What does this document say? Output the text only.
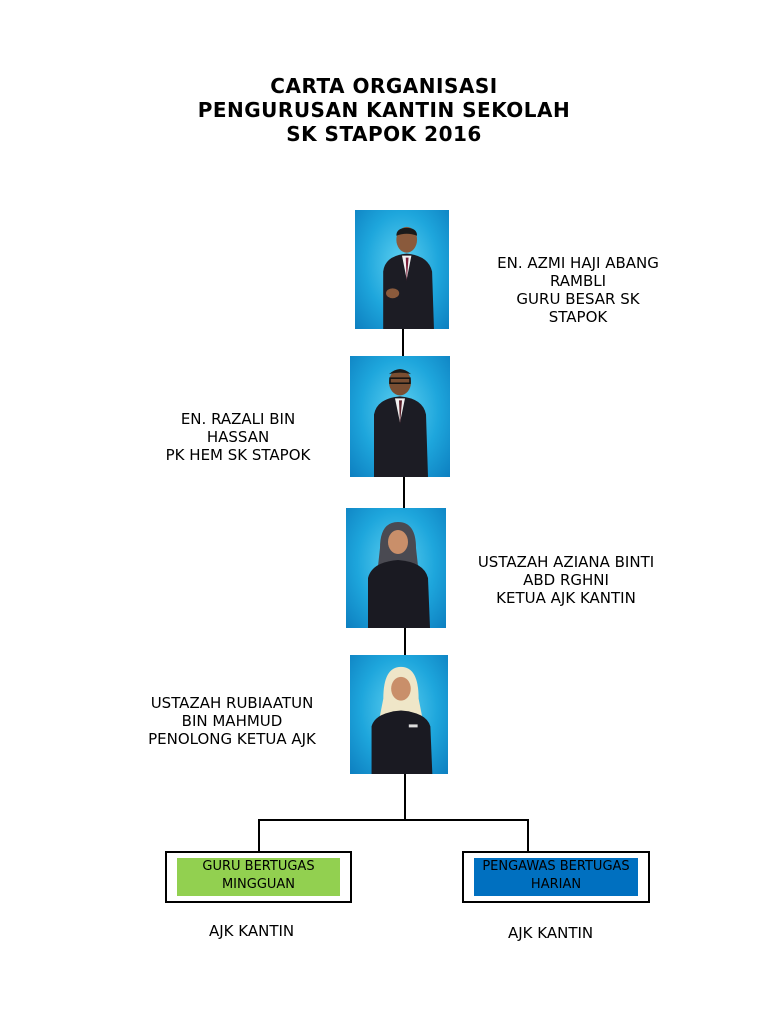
CARTA ORGANISASI
PENGURUSAN KANTIN SEKOLAH
SK STAPOK 2016
EN. AZMI HAJI ABANG
RAMBLI
GURU BESAR SK
STAPOK
EN. RAZALI BIN
HASSAN
PK HEM SK STAPOK
USTAZAH AZIANA BINTI
ABD RGHNI
KETUA AJK KANTIN
USTAZAH RUBIAATUN
BIN MAHMUD
PENOLONG KETUA AJK
GURU BERTUGAS
MINGGUAN
PENGAWAS BERTUGAS
HARIAN
AJK KANTIN	AJK KANTIN
